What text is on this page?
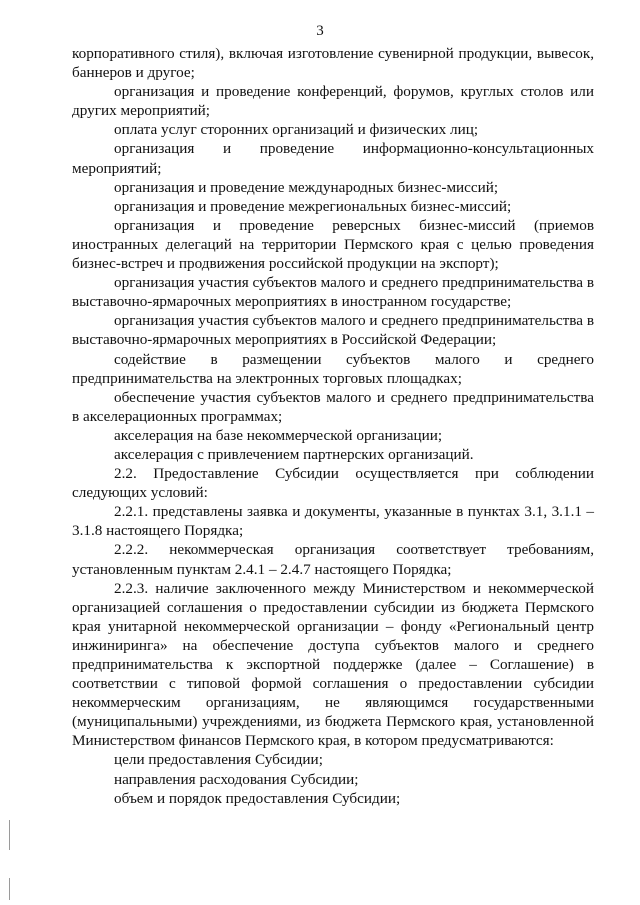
3

корпоративного стиля), включая изготовление сувенирной продукции, вывесок, баннеров и другое;

организация и проведение конференций, форумов, круглых столов или других мероприятий;

оплата услуг сторонних организаций и физических лиц;

организация и проведение информационно-консультационных мероприятий;

организация и проведение международных бизнес-миссий;

организация и проведение межрегиональных бизнес-миссий;

организация и проведение реверсных бизнес-миссий (приемов иностранных делегаций на территории Пермского края с целью проведения бизнес-встреч и продвижения российской продукции на экспорт);

организация участия субъектов малого и среднего предпринимательства в выставочно-ярмарочных мероприятиях в иностранном государстве;

организация участия субъектов малого и среднего предпринимательства в выставочно-ярмарочных мероприятиях в Российской Федерации;

содействие в размещении субъектов малого и среднего предпринимательства на электронных торговых площадках;

обеспечение участия субъектов малого и среднего предпринимательства в акселерационных программах;

акселерация на базе некоммерческой организации;

акселерация с привлечением партнерских организаций.

2.2. Предоставление Субсидии осуществляется при соблюдении следующих условий:

2.2.1. представлены заявка и документы, указанные в пунктах 3.1, 3.1.1 – 3.1.8 настоящего Порядка;

2.2.2. некоммерческая организация соответствует требованиям, установленным пунктам 2.4.1 – 2.4.7 настоящего Порядка;

2.2.3. наличие заключенного между Министерством и некоммерческой организацией соглашения о предоставлении субсидии из бюджета Пермского края унитарной некоммерческой организации – фонду «Региональный центр инжиниринга» на обеспечение доступа субъектов малого и среднего предпринимательства к экспортной поддержке (далее – Соглашение) в соответствии с типовой формой соглашения о предоставлении субсидии некоммерческим организациям, не являющимся государственными (муниципальными) учреждениями, из бюджета Пермского края, установленной Министерством финансов Пермского края, в котором предусматриваются:

цели предоставления Субсидии;

направления расходования Субсидии;

объем и порядок предоставления Субсидии;
